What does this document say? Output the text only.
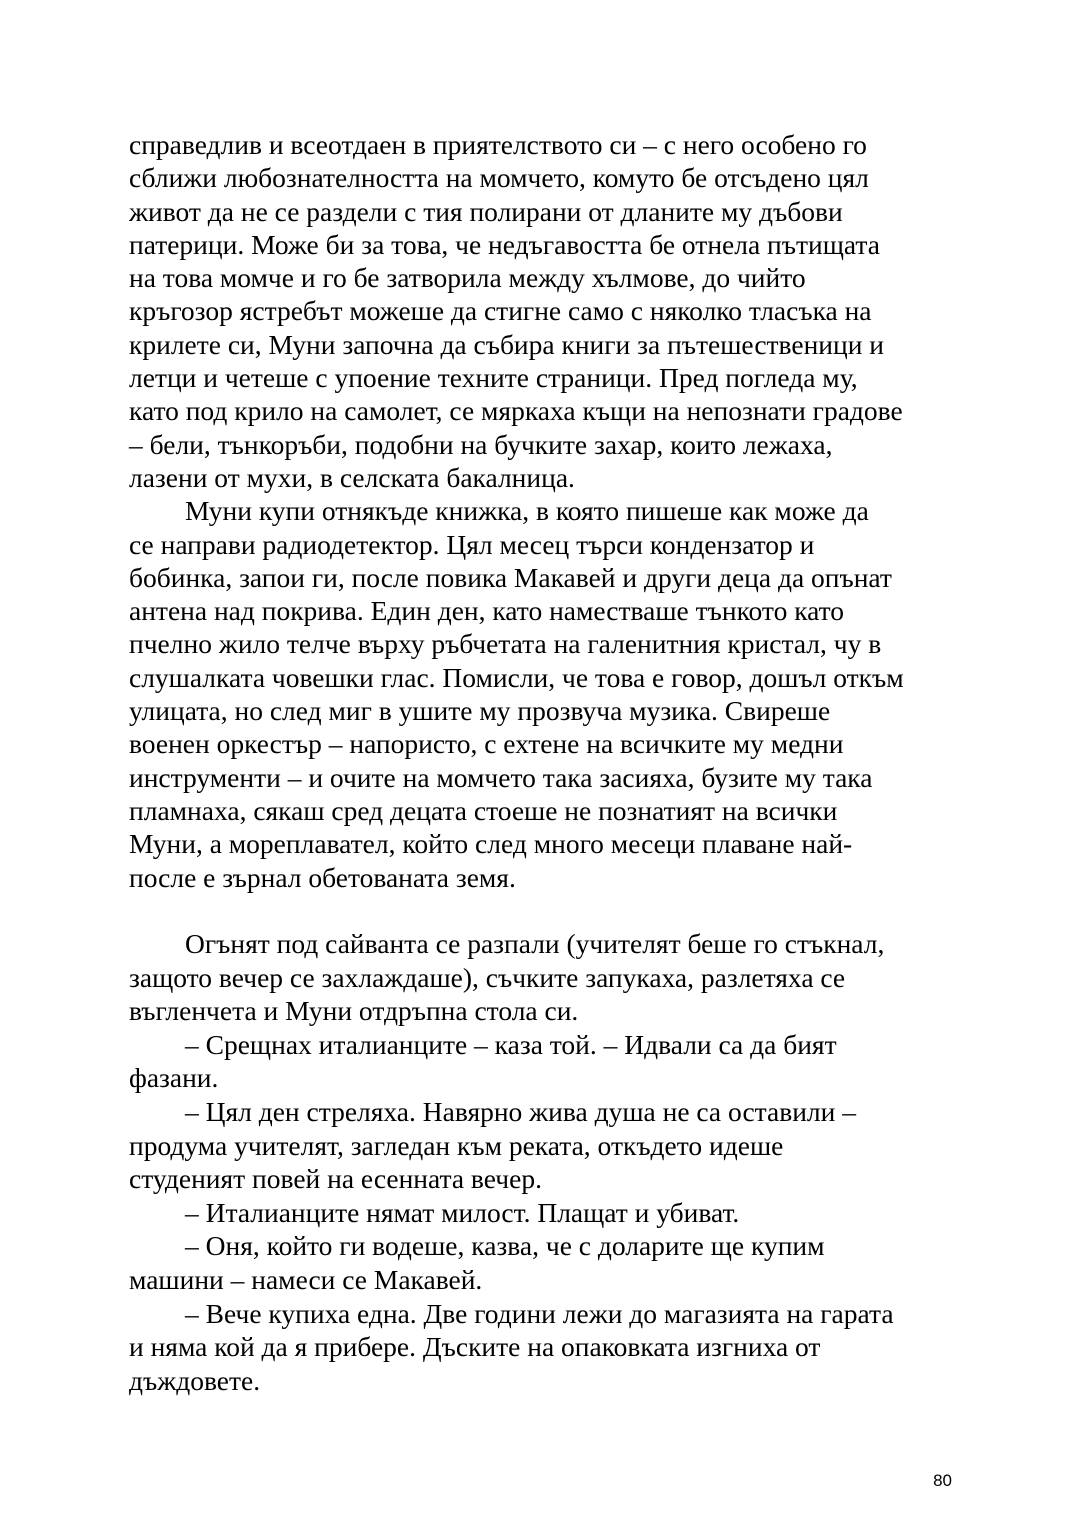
справедлив и всеотдаен в приятелството си – с него особено го
сближи любознателността на момчето, комуто бе отсъдено цял
живот да не се раздели с тия полирани от дланите му дъбови
патерици. Може би за това, че недъгавостта бе отнела пътищата
на това момче и го бе затворила между хълмове, до чийто
кръгозор ястребът можеше да стигне само с няколко тласъка на
крилете си, Муни започна да събира книги за пътешественици и
летци и четеше с упоение техните страници. Пред погледа му,
като под крило на самолет, се мяркаха къщи на непознати градове
– бели, тънкоръби, подобни на бучките захар, които лежаха,
лазени от мухи, в селската бакалница.
Муни купи отнякъде книжка, в която пишеше как може да
се направи радиодетектор. Цял месец търси кондензатор и
бобинка, запои ги, после повика Макавей и други деца да опънат
антена над покрива. Един ден, като наместваше тънкото като
пчелно жило телче върху ръбчетата на галенитния кристал, чу в
слушалката човешки глас. Помисли, че това е говор, дошъл откъм
улицата, но след миг в ушите му прозвуча музика. Свиреше
военен оркестър – напористо, с ехтене на всичките му медни
инструменти – и очите на момчето така засияха, бузите му така
пламнаха, сякаш сред децата стоеше не познатият на всички
Муни, а мореплавател, който след много месеци плаване най-
после е зърнал обетованата земя.
Огънят под сайванта се разпали (учителят беше го стъкнал,
защото вечер се захлаждаше), съчките запукаха, разлетяха се
въгленчета и Муни отдръпна стола си.
– Срещнах италианците – каза той. – Идвали са да бият
фазани.
– Цял ден стреляха. Навярно жива душа не са оставили –
продума учителят, загледан към реката, откъдето идеше
студеният повей на есенната вечер.
– Италианците нямат милост. Плащат и убиват.
– Оня, който ги водеше, казва, че с доларите ще купим
машини – намеси се Макавей.
– Вече купиха една. Две години лежи до магазията на гарата
и няма кой да я прибере. Дъските на опаковката изгниха от
дъждовете.
80
